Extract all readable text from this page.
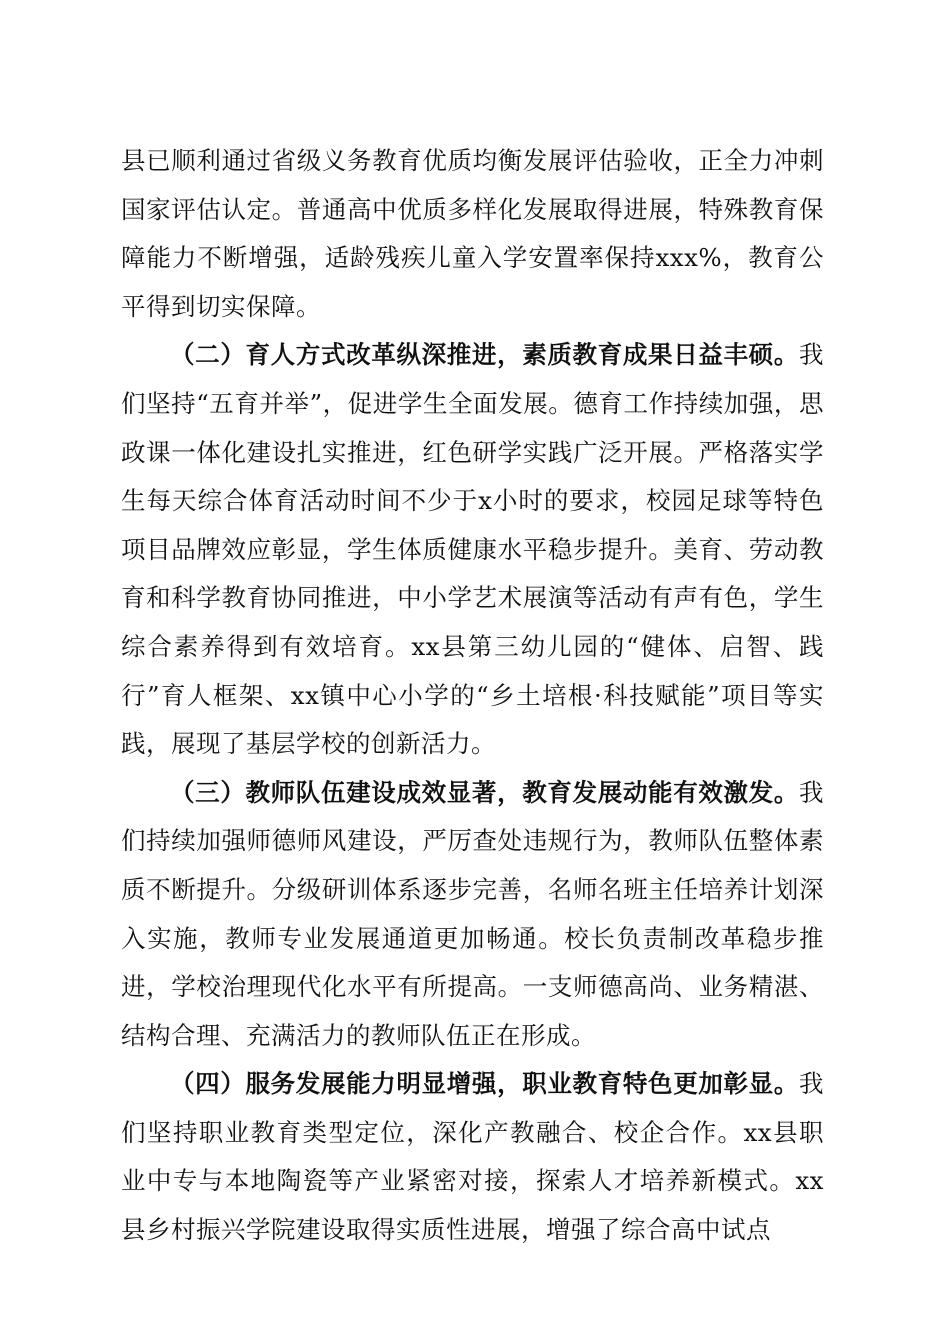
县已顺利通过省级义务教育优质均衡发展评估验收，正全力冲刺国家评估认定。普通高中优质多样化发展取得进展，特殊教育保障能力不断增强，适龄残疾儿童入学安置率保持xxx%，教育公平得到切实保障。

（二）育人方式改革纵深推进，素质教育成果日益丰硕。我们坚持“五育并举”，促进学生全面发展。德育工作持续加强，思政课一体化建设扎实推进，红色研学实践广泛开展。严格落实学生每天综合体育活动时间不少于x小时的要求，校园足球等特色项目品牌效应彰显，学生体质健康水平稳步提升。美育、劳动教育和科学教育协同推进，中小学艺术展演等活动有声有色，学生综合素养得到有效培育。xx县第三幼儿园的“健体、启智、践行”育人框架、xx镇中心小学的“乡土培根·科技赋能”项目等实践，展现了基层学校的创新活力。

（三）教师队伍建设成效显著，教育发展动能有效激发。我们持续加强师德师风建设，严厉查处违规行为，教师队伍整体素质不断提升。分级研训体系逐步完善，名师名班主任培养计划深入实施，教师专业发展通道更加畅通。校长负责制改革稳步推进，学校治理现代化水平有所提高。一支师德高尚、业务精湛、结构合理、充满活力的教师队伍正在形成。

（四）服务发展能力明显增强，职业教育特色更加彰显。我们坚持职业教育类型定位，深化产教融合、校企合作。xx县职业中专与本地陶瓷等产业紧密对接，探索人才培养新模式。xx县乡村振兴学院建设取得实质性进展，增强了综合高中试点
